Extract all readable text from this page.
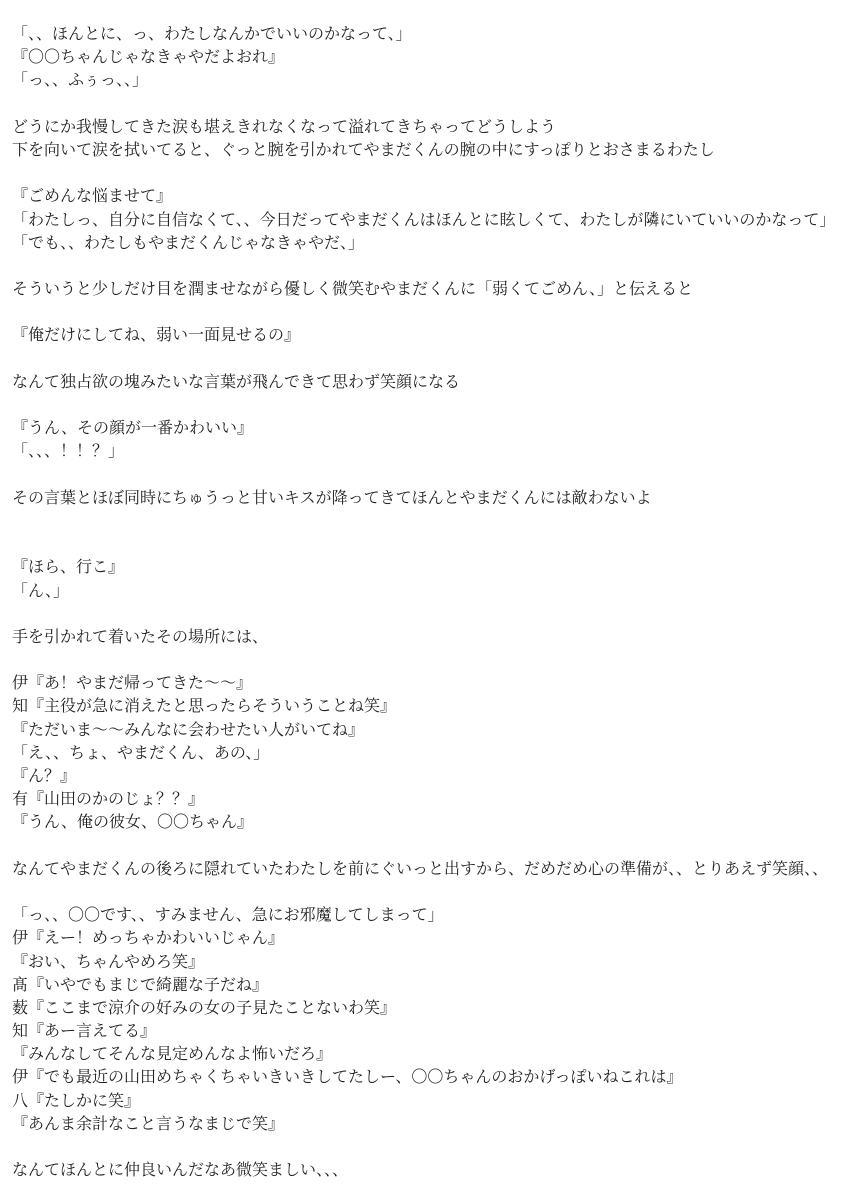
「、、ほんとに、っ、わたしなんかでいいのかなって、」
『〇〇ちゃんじゃなきゃやだよおれ』
「っ、、ふぅっ、、」
どうにか我慢してきた涙も堪えきれなくなって溢れてきちゃってどうしよう
下を向いて涙を拭いてると、ぐっと腕を引かれてやまだくんの腕の中にすっぽりとおさまるわたし
『ごめんな悩ませて』
「わたしっ、自分に自信なくて、、今日だってやまだくんはほんとに眩しくて、わたしが隣にいていいのかなって」
「でも、、わたしもやまだくんじゃなきゃやだ、」
そういうと少しだけ目を潤ませながら優しく微笑むやまだくんに「弱くてごめん、」と伝えると
『俺だけにしてね、弱い一面見せるの』
なんて独占欲の塊みたいな言葉が飛んできて思わず笑顔になる
『うん、その顔が一番かわいい』
「、、、！！？」
その言葉とほぼ同時にちゅうっと甘いキスが降ってきてほんとやまだくんには敵わないよ
『ほら、行こ』
「ん、」
手を引かれて着いたその場所には、
伊『あ！やまだ帰ってきた〜〜』
知『主役が急に消えたと思ったらそういうことね笑』
『ただいま〜〜みんなに会わせたい人がいてね』
「え、、ちょ、やまだくん、あの、」
『ん？』
有『山田のかのじょ？？』
『うん、俺の彼女、〇〇ちゃん』
なんてやまだくんの後ろに隠れていたわたしを前にぐいっと出すから、だめだめ心の準備が、、とりあえず笑顔、、
「っ、、〇〇です、、すみません、急にお邪魔してしまって」
伊『えー！めっちゃかわいいじゃん』
『おい、ちゃんやめろ笑』
髙『いやでもまじで綺麗な子だね』
薮『ここまで涼介の好みの女の子見たことないわ笑』
知『あー言えてる』
『みんなしてそんな見定めんなよ怖いだろ』
伊『でも最近の山田めちゃくちゃいきいきしてたしー、〇〇ちゃんのおかげっぽいねこれは』
八『たしかに笑』
『あんま余計なこと言うなまじで笑』
なんてほんとに仲良いんだなあ微笑ましい、、、
